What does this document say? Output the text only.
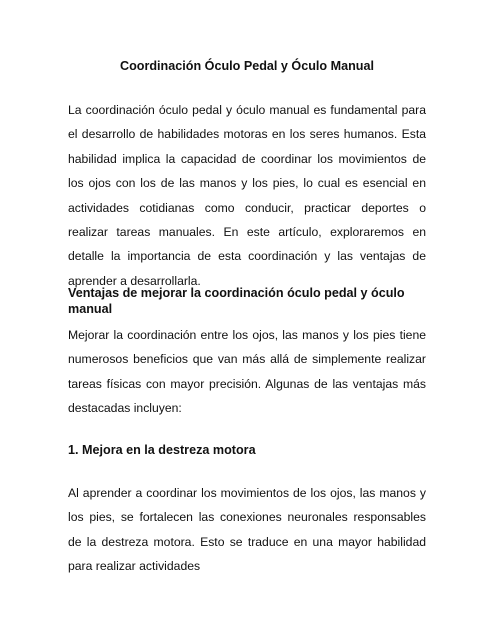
Coordinación Óculo Pedal y Óculo Manual

La coordinación óculo pedal y óculo manual es fundamental para el desarrollo de habilidades motoras en los seres humanos. Esta habilidad implica la capacidad de coordinar los movimientos de los ojos con los de las manos y los pies, lo cual es esencial en actividades cotidianas como conducir, practicar deportes o realizar tareas manuales. En este artículo, exploraremos en detalle la importancia de esta coordinación y las ventajas de aprender a desarrollarla.

Ventajas de mejorar la coordinación óculo pedal y óculo manual

Mejorar la coordinación entre los ojos, las manos y los pies tiene numerosos beneficios que van más allá de simplemente realizar tareas físicas con mayor precisión. Algunas de las ventajas más destacadas incluyen:

1. Mejora en la destreza motora

Al aprender a coordinar los movimientos de los ojos, las manos y los pies, se fortalecen las conexiones neuronales responsables de la destreza motora. Esto se traduce en una mayor habilidad para realizar actividades
